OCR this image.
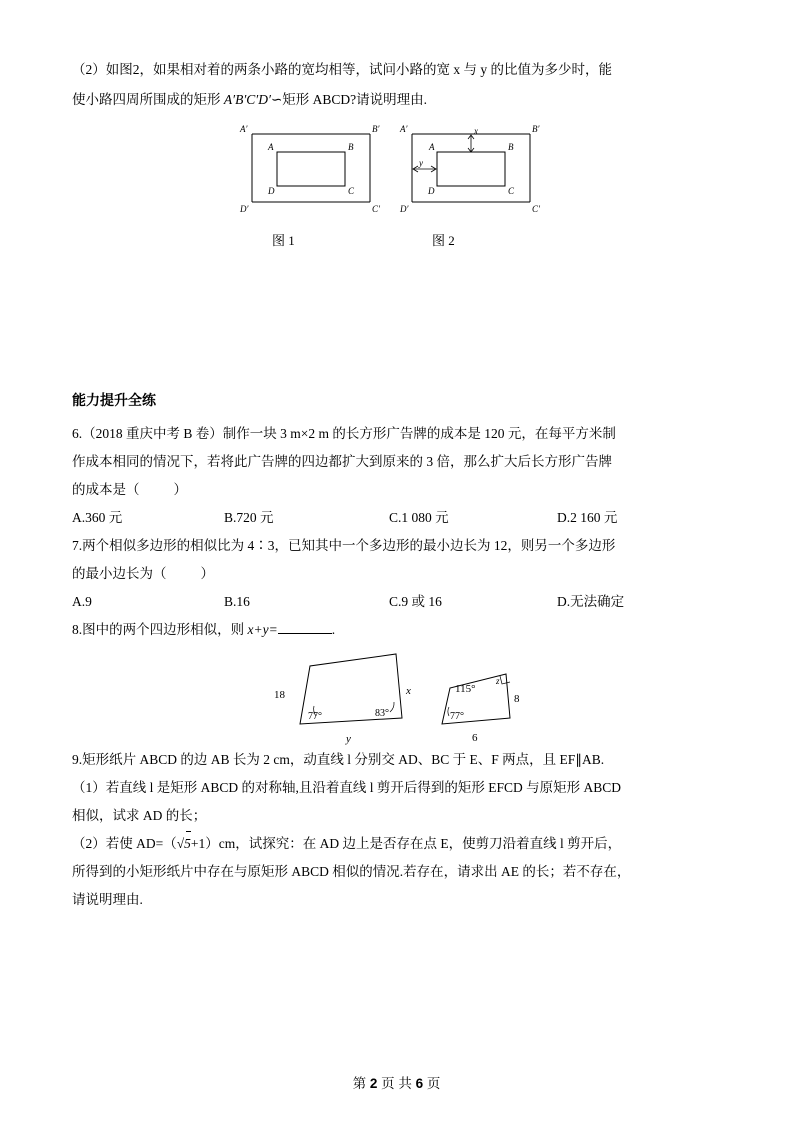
（2）如图2，如果相对着的两条小路的宽均相等，试问小路的宽 x 与 y 的比值为多少时，能

使小路四周所围成的矩形 A′B′C′D′∽矩形 ABCD?请说明理由.

A′	B′
C′
D′
A	B
C
D
x
y
A′	B′
C′
D′
A	B
C
D
图 1	图 2
能力提升全练

6.（2018 重庆中考 B 卷）制作一块 3 m×2 m 的长方形广告牌的成本是 120 元，在每平方米制

作成本相同的情况下，若将此广告牌的四边都扩大到原来的 3 倍，那么扩大后长方形广告牌

的成本是（	）

A.360 元	B.720 元	C.1 080 元	D.2 160 元

7.两个相似多边形的相似比为 4∶3，已知其中一个多边形的最小边长为 12，则另一个多边形

的最小边长为（	）

A.9	B.16	C.9 或 16	D.无法确定

8.图中的两个四边形相似，则 x+y=	.

18	x
y
77°	83°
115°
z
8
6
77°

9.矩形纸片 ABCD 的边 AB 长为 2 cm，动直线 l 分别交 AD、BC 于 E、F 两点，且 EF∥AB.

（1）若直线 l 是矩形 ABCD 的对称轴,且沿着直线 l 剪开后得到的矩形 EFCD 与原矩形 ABCD

相似，试求 AD 的长；

（2）若使 AD=（√5
+1）cm，试探究：在 AD 边上是否存在点 E，使剪刀沿着直线 l 剪开后，

所得到的小矩形纸片中存在与原矩形 ABCD 相似的情况.若存在，请求出 AE 的长；若不存在，

请说明理由.

第 2 页 共 6 页
